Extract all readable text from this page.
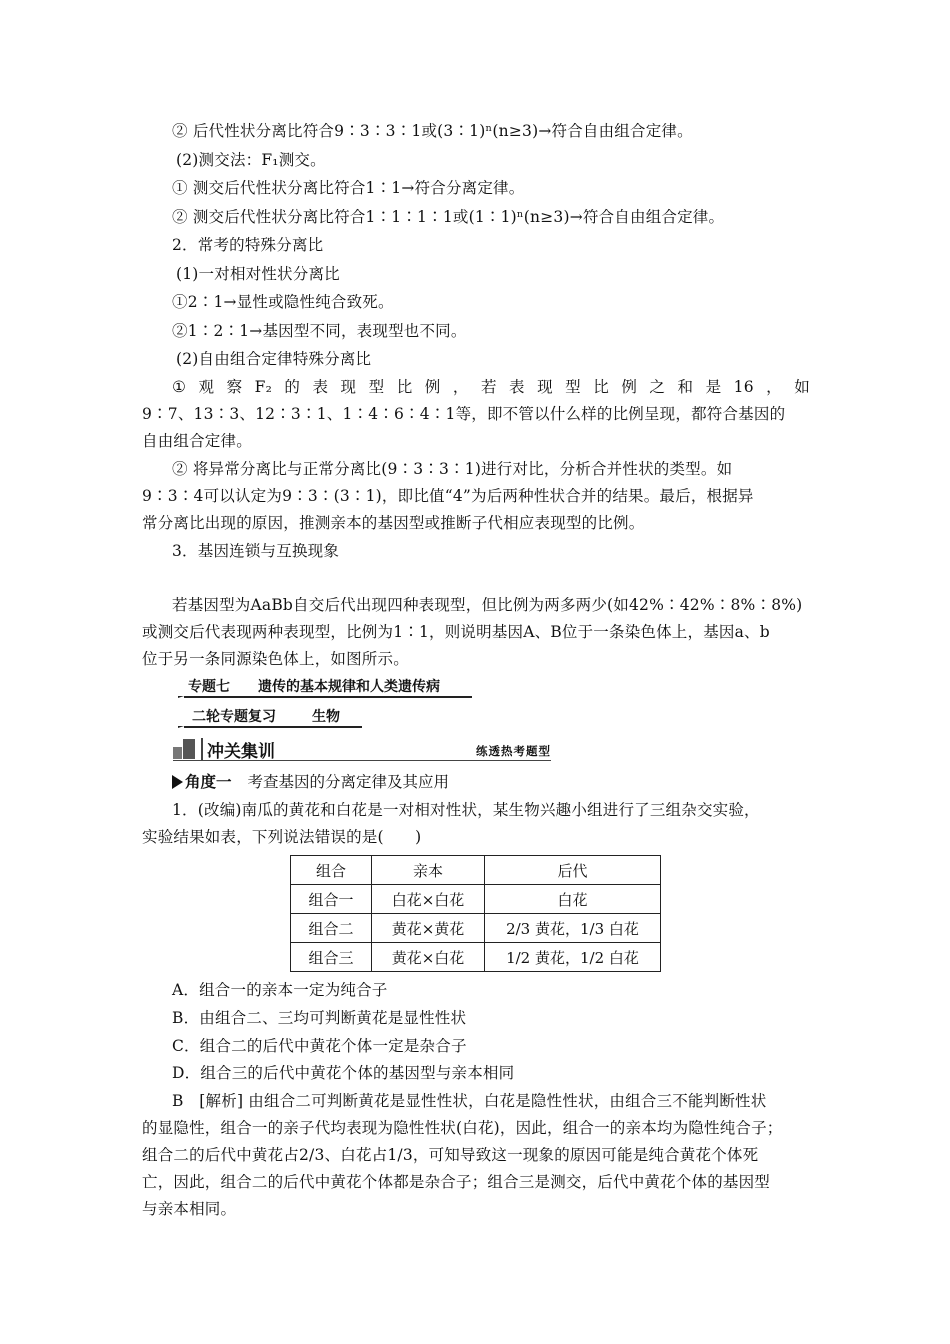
② 后代性状分离比符合9∶3∶3∶1或(3∶1)ⁿ(n≥3)→符合自由组合定律。
(2)测交法：F₁测交。
① 测交后代性状分离比符合1∶1→符合分离定律。
② 测交后代性状分离比符合1∶1∶1∶1或(1∶1)ⁿ(n≥3)→符合自由组合定律。
2．常考的特殊分离比
(1)一对相对性状分离比
①2∶1→显性或隐性纯合致死。
②1∶2∶1→基因型不同，表现型也不同。
(2)自由组合定律特殊分离比
① 观 察 F₂ 的 表 现 型 比 例 ， 若 表 现 型 比 例 之 和 是 16 ， 如
9∶7、13∶3、12∶3∶1、1∶4∶6∶4∶1等，即不管以什么样的比例呈现，都符合基因的
自由组合定律。
② 将异常分离比与正常分离比(9∶3∶3∶1)进行对比，分析合并性状的类型。如
9∶3∶4可以认定为9∶3∶(3∶1)，即比值“4”为后两种性状合并的结果。最后，根据异
常分离比出现的原因，推测亲本的基因型或推断子代相应表现型的比例。
3．基因连锁与互换现象
若基因型为AaBb自交后代出现四种表现型，但比例为两多两少(如42%∶42%∶8%∶8%)
或测交后代表现两种表现型，比例为1∶1，则说明基因A、B位于一条染色体上，基因a、b
位于另一条同源染色体上，如图所示。
专题七 遗传的基本规律和人类遗传病
二轮专题复习	生物
冲关集训	练透热考题型
角度一 考查基因的分离定律及其应用
1．(改编)南瓜的黄花和白花是一对相对性状，某生物兴趣小组进行了三组杂交实验，
实验结果如表，下列说法错误的是(　　)
组合	亲本	后代
组合一	白花×白花	白花
组合二	黄花×黄花	2/3 黄花，1/3 白花
组合三	黄花×白花	1/2 黄花，1/2 白花
A．组合一的亲本一定为纯合子
B．由组合二、三均可判断黄花是显性性状
C．组合二的后代中黄花个体一定是杂合子
D．组合三的后代中黄花个体的基因型与亲本相同
B　[解析] 由组合二可判断黄花是显性性状，白花是隐性性状，由组合三不能判断性状
的显隐性，组合一的亲子代均表现为隐性性状(白花)，因此，组合一的亲本均为隐性纯合子；
组合二的后代中黄花占2/3、白花占1/3，可知导致这一现象的原因可能是纯合黄花个体死
亡，因此，组合二的后代中黄花个体都是杂合子；组合三是测交，后代中黄花个体的基因型
与亲本相同。
